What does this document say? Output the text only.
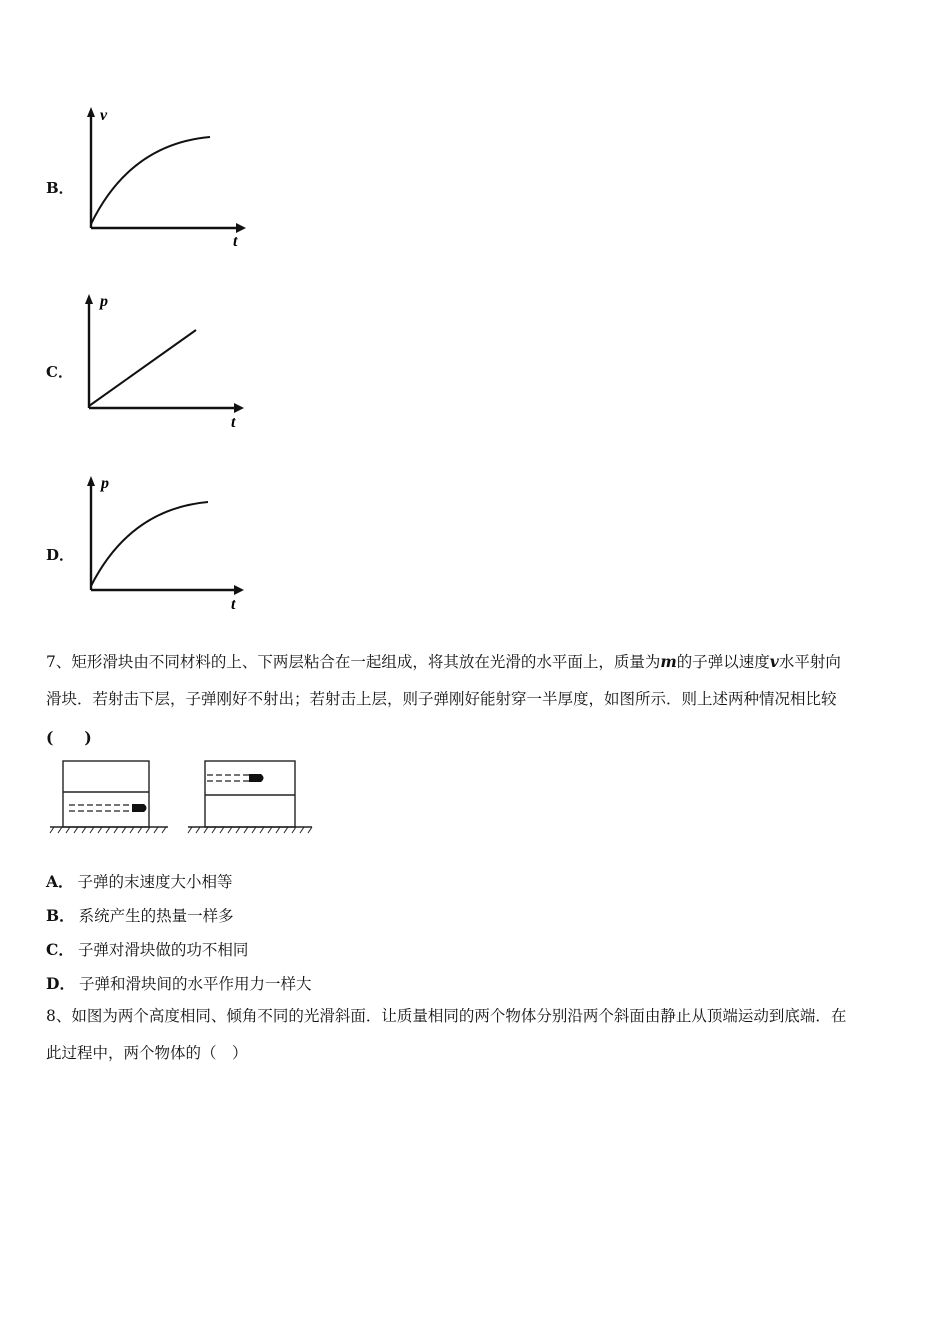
B．
v
t
C．
p
t
D．
p
t
7、矩形滑块由不同材料的上、下两层粘合在一起组成，将其放在光滑的水平面上，质量为m的子弹以速度v水平射向
滑块．若射击下层，子弹刚好不射出；若射击上层，则子弹刚好能射穿一半厚度，如图所示．则上述两种情况相比较
(　　)
A． 子弹的末速度大小相等
B． 系统产生的热量一样多
C． 子弹对滑块做的功不相同
D． 子弹和滑块间的水平作用力一样大
8、如图为两个高度相同、倾角不同的光滑斜面．让质量相同的两个物体分别沿两个斜面由静止从顶端运动到底端．在
此过程中，两个物体的（　）
